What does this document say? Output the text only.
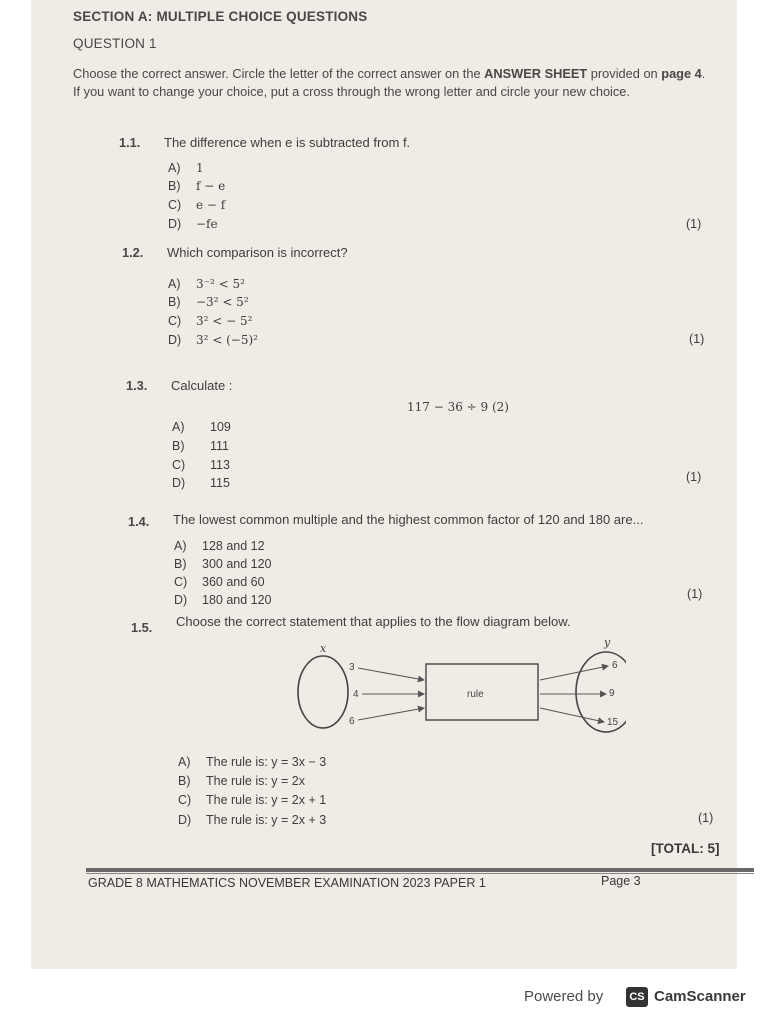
SECTION A: MULTIPLE CHOICE QUESTIONS
QUESTION 1
Choose the correct answer. Circle the letter of the correct answer on the ANSWER SHEET provided on page 4. If you want to change your choice, put a cross through the wrong letter and circle your new choice.
1.1. The difference when e is subtracted from f.
A) 1
B) f − e
C) e − f
D) −fe	(1)
1.2. Which comparison is incorrect?
A) 3⁻² < 5²
B) −3² < 5²
C) 3² < − 5²
D) 3² < (−5)²	(1)
1.3. Calculate :
117 − 36 ÷ 9 (2)
A) 109
B) 111
C) 113
D) 115	(1)
1.4. The lowest common multiple and the highest common factor of 120 and 180 are...
A) 128 and 12
B) 300 and 120
C) 360 and 60
D) 180 and 120	(1)
1.5. Choose the correct statement that applies to the flow diagram below.
x	y
rule
3
4
6
6
9
15
A) The rule is: y = 3x − 3
B) The rule is: y = 2x
C) The rule is: y = 2x + 1
D) The rule is: y = 2x + 3	(1)
[TOTAL: 5]
GRADE 8 MATHEMATICS NOVEMBER EXAMINATION 2023 PAPER 1	Page 3
Powered by	CS CamScanner
